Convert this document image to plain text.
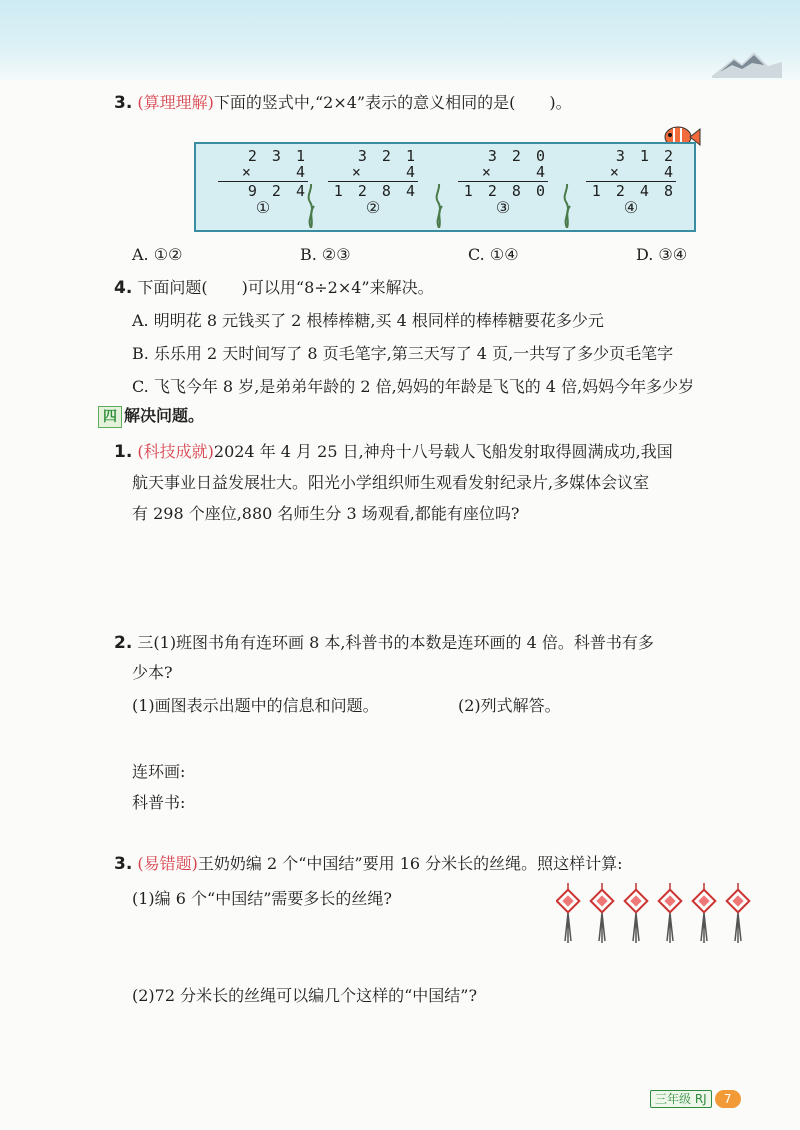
3. (算理理解)下面的竖式中,“2×4”表示的意义相同的是( )。
2 3 1
× 　 4
9 2 4
①
3 2 1
× 　 4
1 2 8 4
②
3 2 0
× 　 4
1 2 8 0
③
3 1 2
× 　 4
1 2 4 8
④
A. ①②	B. ②③	C. ①④	D. ③④
4. 下面问题( )可以用“8÷2×4”来解决。
A. 明明花 8 元钱买了 2 根棒棒糖,买 4 根同样的棒棒糖要花多少元
B. 乐乐用 2 天时间写了 8 页毛笔字,第三天写了 4 页,一共写了多少页毛笔字
C. 飞飞今年 8 岁,是弟弟年龄的 2 倍,妈妈的年龄是飞飞的 4 倍,妈妈今年多少岁
四 解决问题。
1. (科技成就)2024 年 4 月 25 日,神舟十八号载人飞船发射取得圆满成功,我国
航天事业日益发展壮大。阳光小学组织师生观看发射纪录片,多媒体会议室
有 298 个座位,880 名师生分 3 场观看,都能有座位吗?
2. 三(1)班图书角有连环画 8 本,科普书的本数是连环画的 4 倍。科普书有多
少本?
(1)画图表示出题中的信息和问题。	(2)列式解答。
连环画:
科普书:
3. (易错题)王奶奶编 2 个“中国结”要用 16 分米长的丝绳。照这样计算:
(1)编 6 个“中国结”需要多长的丝绳?
(2)72 分米长的丝绳可以编几个这样的“中国结”?
三年级 RJ	7
